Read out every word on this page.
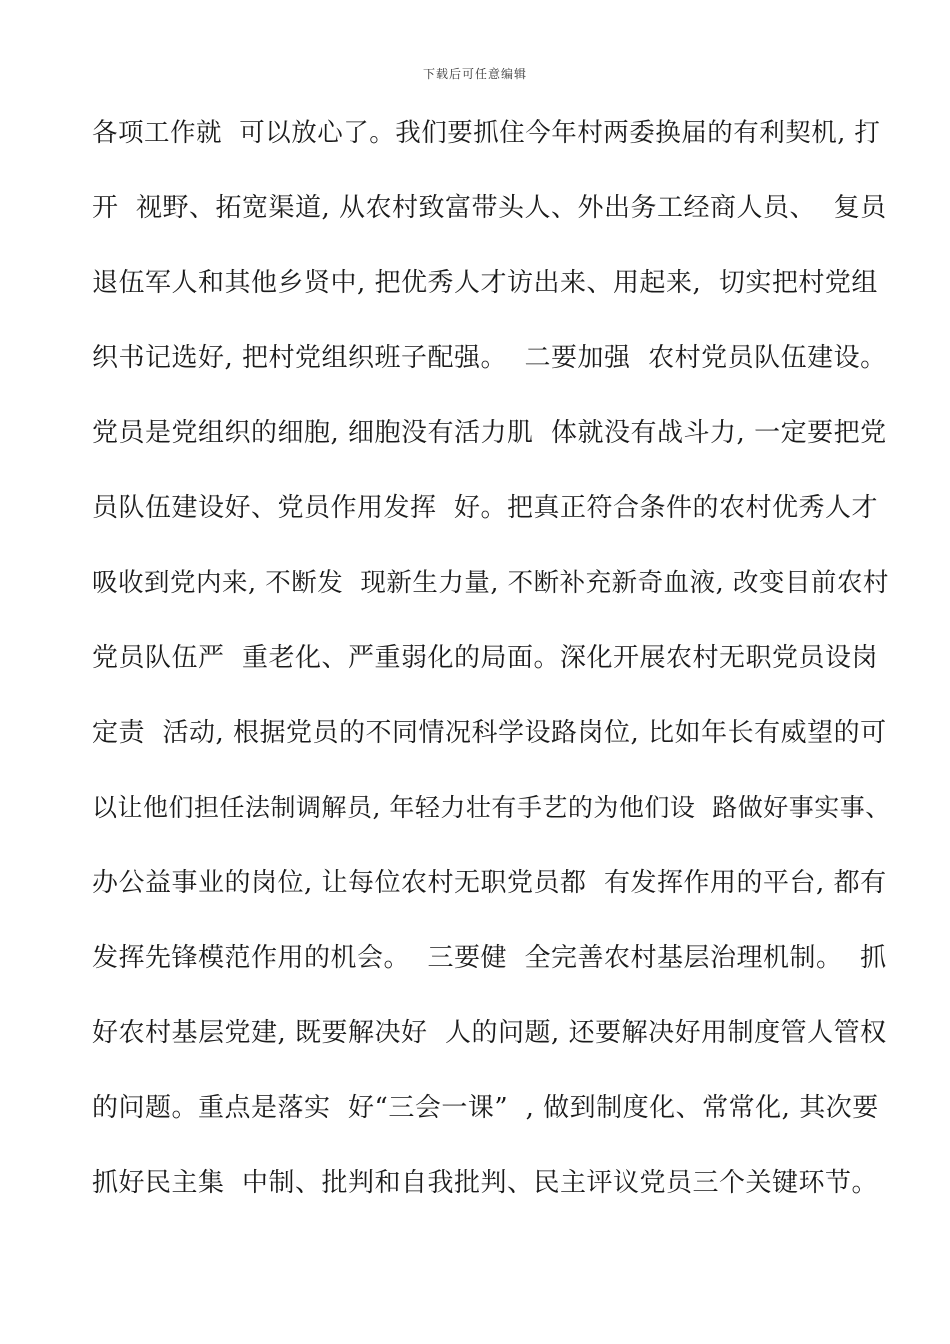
下载后可任意编辑
各项工作就  可以放心了。我们要抓住今年村两委换届的有利契机, 打
开  视野、拓宽渠道, 从农村致富带头人、外出务工经商人员、  复员
退伍军人和其他乡贤中, 把优秀人才访出来、用起来,  切实把村党组
织书记选好, 把村党组织班子配强。  二要加强  农村党员队伍建设。
党员是党组织的细胞, 细胞没有活力肌  体就没有战斗力, 一定要把党
员队伍建设好、党员作用发挥  好。把真正符合条件的农村优秀人才
吸收到党内来, 不断发  现新生力量, 不断补充新奇血液, 改变目前农村
党员队伍严  重老化、严重弱化的局面。深化开展农村无职党员设岗
定责  活动, 根据党员的不同情况科学设路岗位, 比如年长有威望的可
以让他们担任法制调解员, 年轻力壮有手艺的为他们设  路做好事实事、
办公益事业的岗位, 让每位农村无职党员都  有发挥作用的平台, 都有
发挥先锋模范作用的机会。  三要健  全完善农村基层治理机制。  抓
好农村基层党建, 既要解决好  人的问题, 还要解决好用制度管人管权
的问题。重点是落实  好“三会一课”  , 做到制度化、常常化, 其次要
抓好民主集  中制、批判和自我批判、民主评议党员三个关键环节。
